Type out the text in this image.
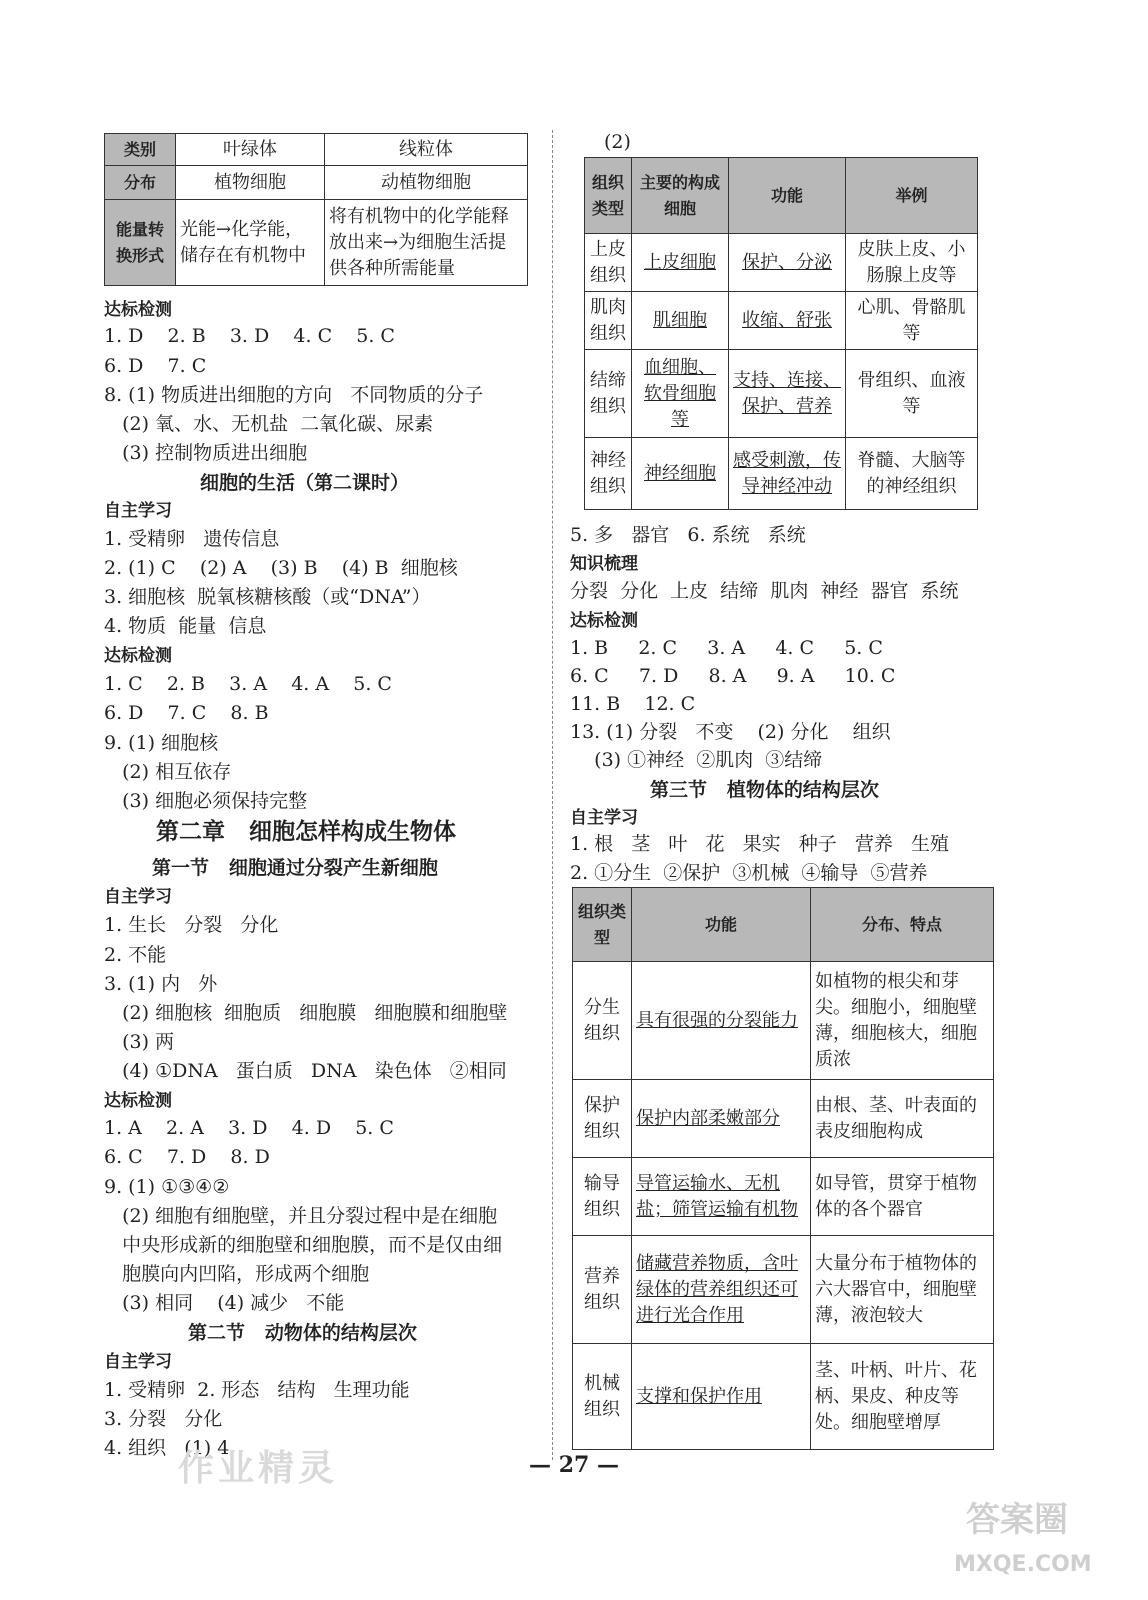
类别	叶绿体	线粒体
分布	植物细胞	动植物细胞
能量转换形式	光能→化学能，储存在有机物中	将有机物中的化学能释放出来→为细胞生活提供各种所需能量
达标检测
1. D    2. B    3. D    4. C    5. C
6. D    7. C
8. (1) 物质进出细胞的方向   不同物质的分子
(2) 氧、水、无机盐  二氧化碳、尿素
(3) 控制物质进出细胞
细胞的生活（第二课时）
自主学习
1. 受精卵   遗传信息
2. (1) C    (2) A    (3) B    (4) B  细胞核
3. 细胞核  脱氧核糖核酸（或“DNA”）
4. 物质  能量  信息
达标检测
1. C    2. B    3. A    4. A    5. C
6. D    7. C    8. B
9. (1) 细胞核
(2) 相互依存
(3) 细胞必须保持完整
第二章   细胞怎样构成生物体
第一节   细胞通过分裂产生新细胞
自主学习
1. 生长   分裂   分化
2. 不能
3. (1) 内   外
(2) 细胞核  细胞质   细胞膜   细胞膜和细胞壁
(3) 两
(4) ①DNA   蛋白质   DNA   染色体   ②相同
达标检测
1. A    2. A    3. D    4. D    5. C
6. C    7. D    8. D
9. (1) ①③④②
(2) 细胞有细胞壁，并且分裂过程中是在细胞
中央形成新的细胞壁和细胞膜，而不是仅由细
胞膜向内凹陷，形成两个细胞
(3) 相同    (4) 减少   不能
第二节   动物体的结构层次
自主学习
1. 受精卵  2. 形态   结构   生理功能
3. 分裂   分化
4. 组织   (1) 4
(2)
组织类型	主要的构成细胞	功能	举例
上皮组织	上皮细胞	保护、分泌	皮肤上皮、小肠腺上皮等
肌肉组织	肌细胞	收缩、舒张	心肌、骨骼肌等
结缔组织	血细胞、软骨细胞等	支持、连接、保护、营养	骨组织、血液等
神经组织	神经细胞	感受刺激，传导神经冲动	脊髓、大脑等的神经组织
5. 多   器官   6. 系统   系统
知识梳理
分裂  分化  上皮  结缔  肌肉  神经  器官  系统
达标检测
1. B     2. C     3. A     4. C     5. C
6. C     7. D     8. A     9. A     10. C
11. B    12. C
13. (1) 分裂   不变    (2) 分化    组织
(3) ①神经  ②肌肉  ③结缔
第三节   植物体的结构层次
自主学习
1. 根   茎   叶   花   果实   种子   营养   生殖
2. ①分生  ②保护  ③机械  ④输导  ⑤营养
组织类型	功能	分布、特点
分生组织	具有很强的分裂能力	如植物的根尖和芽尖。细胞小，细胞壁薄，细胞核大，细胞质浓
保护组织	保护内部柔嫩部分	由根、茎、叶表面的表皮细胞构成
输导组织	导管运输水、无机盐；筛管运输有机物	如导管，贯穿于植物体的各个器官
营养组织	储藏营养物质，含叶绿体的营养组织还可进行光合作用	大量分布于植物体的六大器官中，细胞壁薄，液泡较大
机械组织	支撑和保护作用	茎、叶柄、叶片、花柄、果皮、种皮等处。细胞壁增厚
— 27 —
作业精灵
答案圈
MXQE.COM
